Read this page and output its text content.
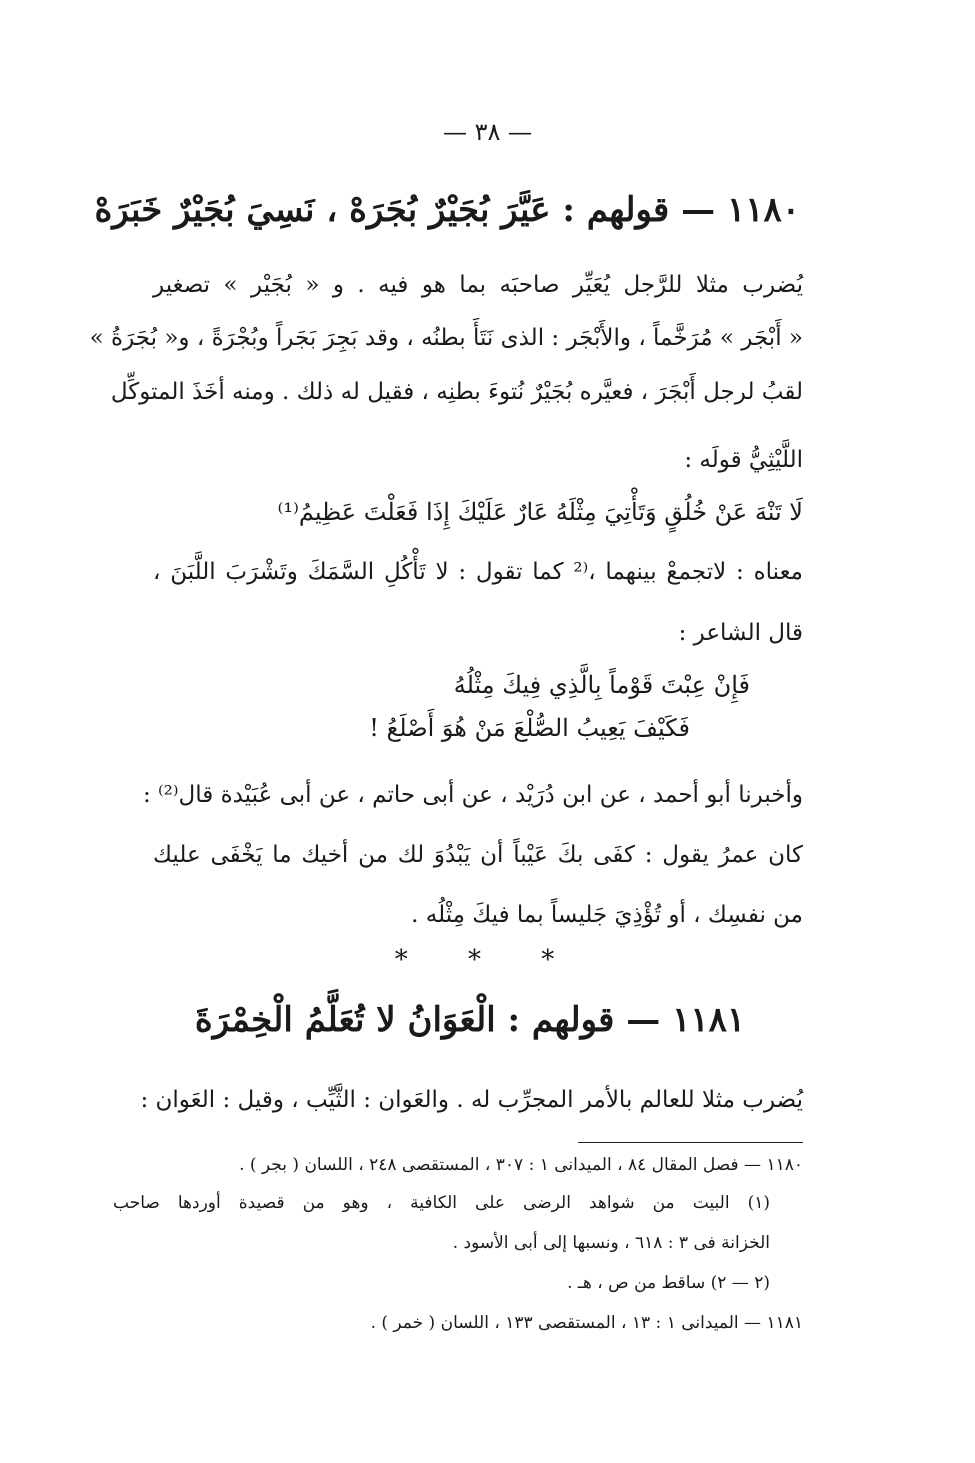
— ٣٨ —
١١٨٠ — قولهم : عَيَّرَ بُجَيْرٌ بُجَرَهْ ، نَسِيَ بُجَيْرٌ خَبَرَهْ
يُضرب مثلا للرَّجل يُعَيِّر صاحبَه بما هو فيه . و « بُجَيْر » تصغير
« أَبْجَر » مُرَخَّماً ، والأَبْجَر : الذى نَتَأَ بطنُه ، وقد بَجِرَ بَجَراً وبُجْرَةً ، و« بُجَرَةُ »
لقبُ لرجل أَبْجَرَ ، فعيَّره بُجَيْرٌ نُتوءَ بطنِه ، فقيل له ذلك . ومنه أخَذَ المتوكِّل
اللَّيْثِيُّ قولَه :
لَا تَنْهَ عَنْ خُلُقٍ وَتَأْتِيَ مِثْلَهُ عَارٌ عَلَيْكَ إِذَا فَعَلْتَ عَظِيمُ⁽¹⁾
معناه : لاتجمعْ بينهما ،⁽² كما تقول : لا تَأْكُلِ السَّمَكَ وتَشْرَبَ اللَّبَنَ ،
قال الشاعر :
فَإِنْ عِبْتَ قَوْماً بِالَّذِي فِيكَ مِثْلُهُ
فَكَيْفَ يَعِيبُ الصُّلْعَ مَنْ هُوَ أَصْلَعُ !
وأخبرنا أبو أحمد ، عن ابن دُرَيْد ، عن أبى حاتم ، عن أبى عُبَيْدة قال⁽²⁾ :
كان عمرُ يقول : كفَى بكَ عَيْباً أن يَبْدُوَ لك من أخيك ما يَخْفَى عليك
من نفسِك ، أو تُؤْذِيَ جَليساً بما فيكَ مِثْلُه .
* * *
١١٨١ — قولهم : الْعَوَانُ لا تُعَلَّمُ الْخِمْرَةَ
يُضرب مثلا للعالم بالأمر المجرِّب له . والعَوان : الثَّيِّب ، وقيل : العَوان :
١١٨٠ — فصل المقال ٨٤ ، الميدانى ١ : ٣٠٧ ، المستقصى ٢٤٨ ، اللسان ( بجر ) .
(١) البيت من شواهد الرضى على الكافية ، وهو من قصيدة أوردها صاحب
الخزانة فى ٣ : ٦١٨ ، ونسبها إلى أبى الأسود .
(٢ — ٢) ساقط من ص ، هـ .
١١٨١ — الميدانى ١ : ١٣ ، المستقصى ١٣٣ ، اللسان ( خمر ) .
